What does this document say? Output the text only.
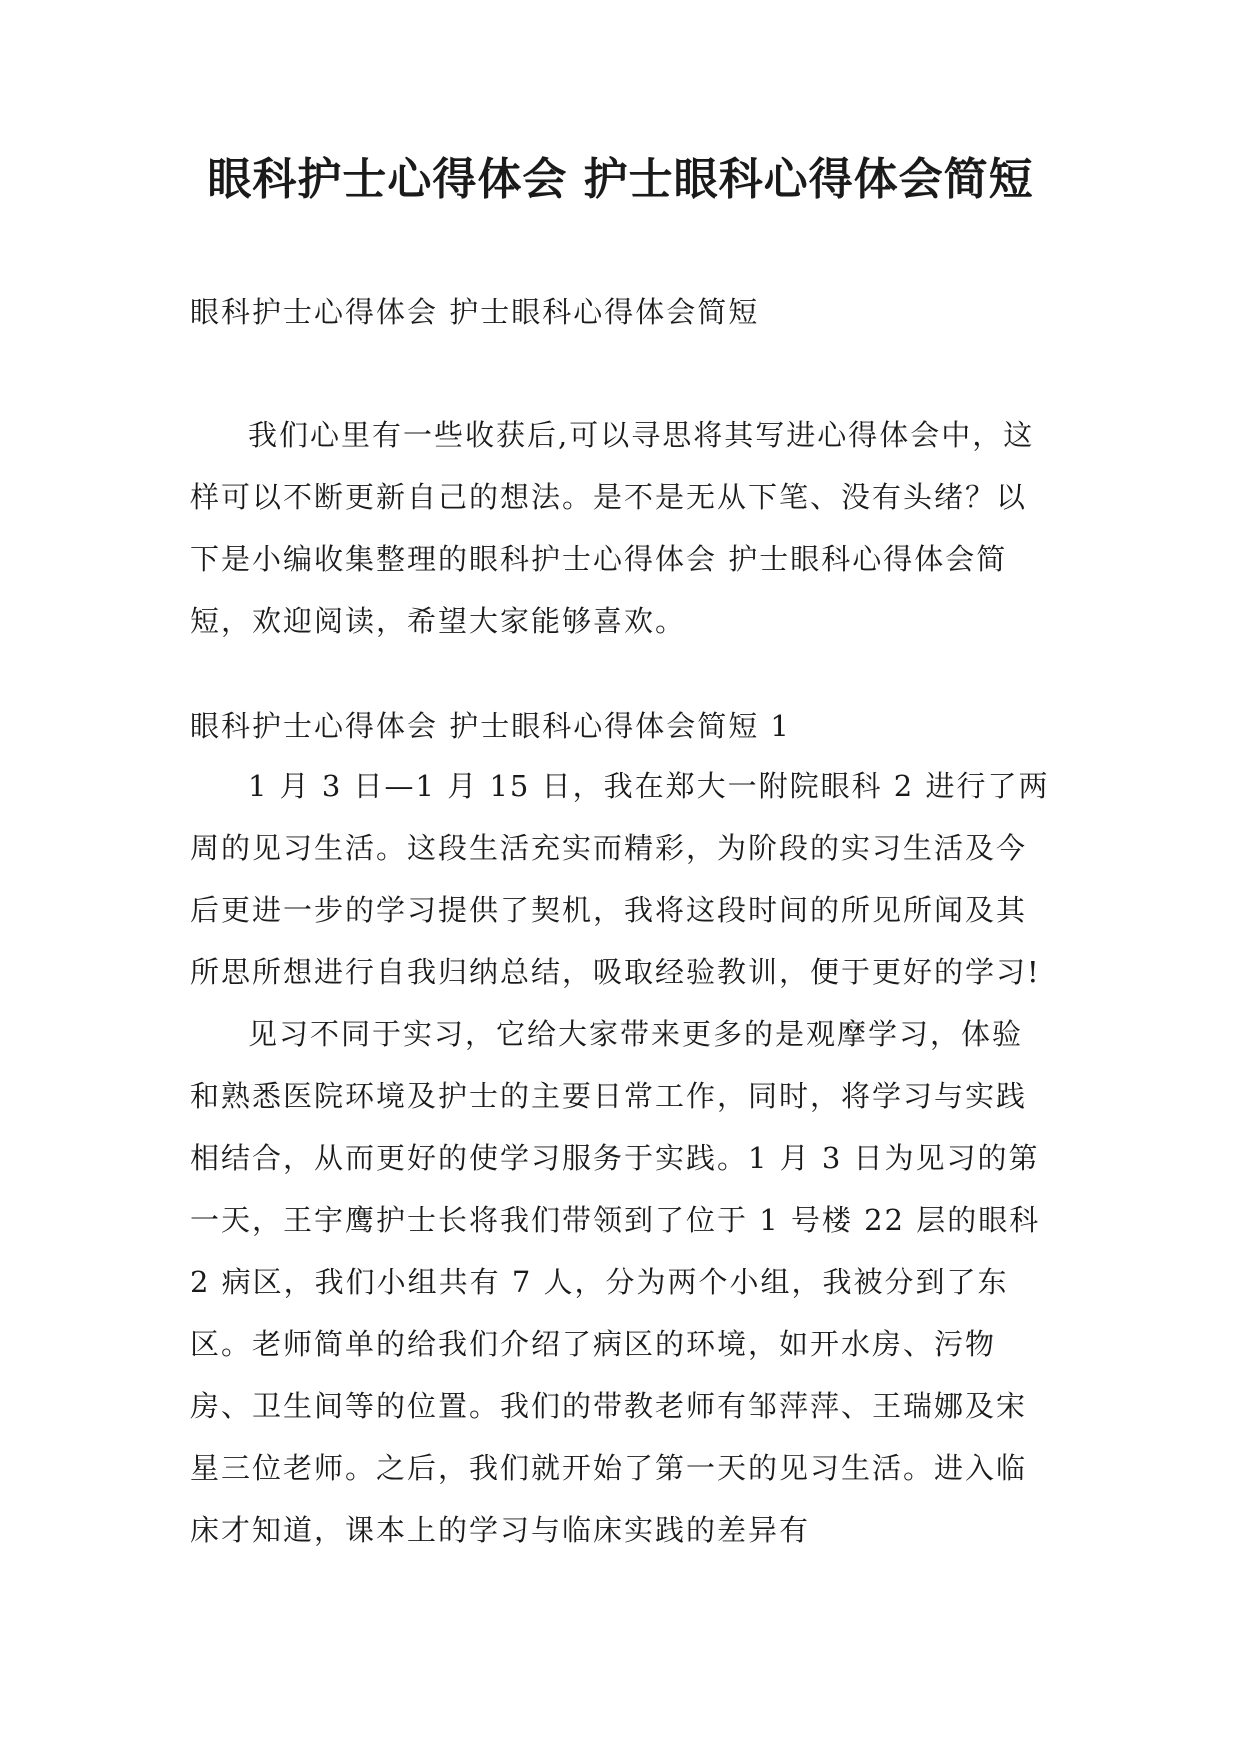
眼科护士心得体会 护士眼科心得体会简短

眼科护士心得体会 护士眼科心得体会简短

我们心里有一些收获后,可以寻思将其写进心得体会中，这样可以不断更新自己的想法。是不是无从下笔、没有头绪？以下是小编收集整理的眼科护士心得体会 护士眼科心得体会简短，欢迎阅读，希望大家能够喜欢。

眼科护士心得体会 护士眼科心得体会简短 1

1 月 3 日—1 月 15 日，我在郑大一附院眼科 2 进行了两周的见习生活。这段生活充实而精彩，为阶段的实习生活及今后更进一步的学习提供了契机，我将这段时间的所见所闻及其所思所想进行自我归纳总结，吸取经验教训，便于更好的学习!

见习不同于实习，它给大家带来更多的是观摩学习，体验和熟悉医院环境及护士的主要日常工作，同时，将学习与实践相结合，从而更好的使学习服务于实践。1 月 3 日为见习的第一天，王宇鹰护士长将我们带领到了位于 1 号楼 22 层的眼科 2 病区，我们小组共有 7 人，分为两个小组，我被分到了东区。老师简单的给我们介绍了病区的环境，如开水房、污物房、卫生间等的位置。我们的带教老师有邹萍萍、王瑞娜及宋星三位老师。之后，我们就开始了第一天的见习生活。进入临床才知道，课本上的学习与临床实践的差异有
